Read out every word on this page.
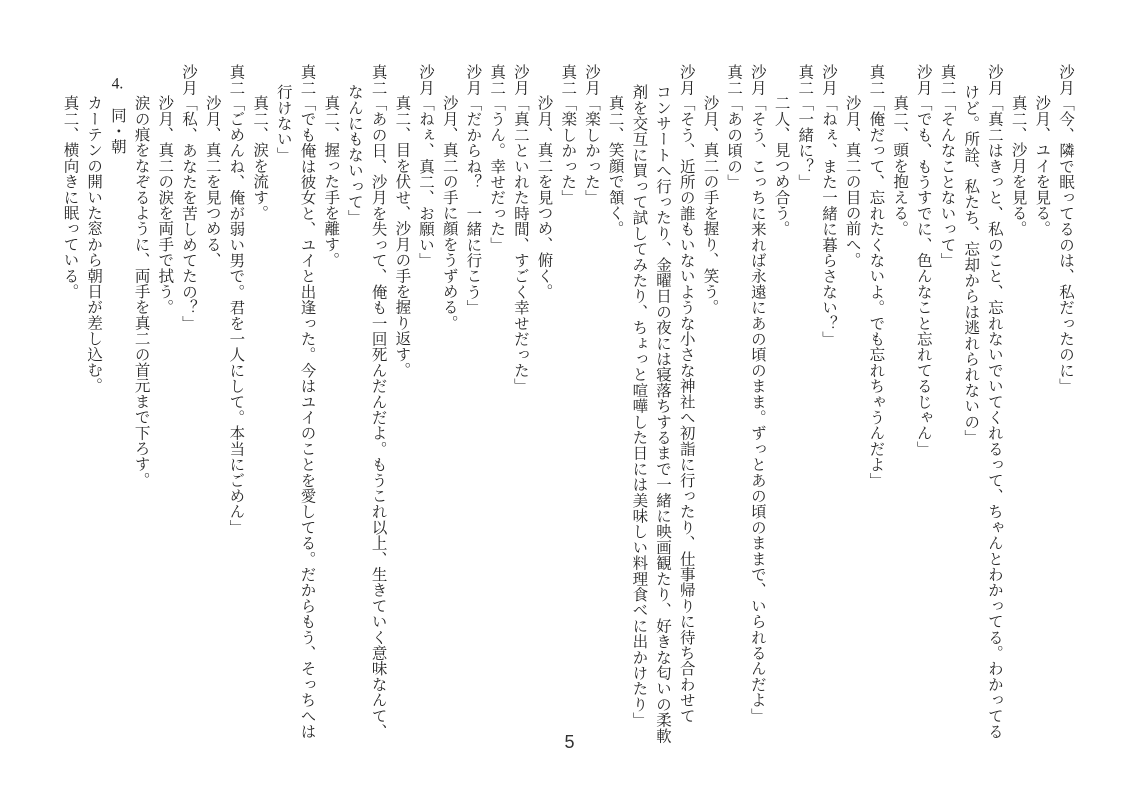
沙月「今、隣で眠ってるのは、私だったのに」

沙月、ユイを見る。

真二、沙月を見る。

沙月「真二はきっと、私のこと、忘れないでいてくれるって、ちゃんとわかってる。わかってる

けど。所詮、私たち、忘却からは逃れられないの」

真二「そんなことないって」

沙月「でも、もうすでに、色んなこと忘れてるじゃん」

真二、頭を抱える。

真二「俺だって、忘れたくないよ。でも忘れちゃうんだよ」

沙月、真二の目の前へ。

沙月「ねぇ、また一緒に暮らさない？」

真二「一緒に？」

二人、見つめ合う。

沙月「そう、こっちに来れば永遠にあの頃のまま。ずっとあの頃のままで、いられるんだよ」

真二「あの頃の」

沙月、真二の手を握り、笑う。

沙月「そう、近所の誰もいないような小さな神社へ初詣に行ったり、仕事帰りに待ち合わせて

コンサートへ行ったり、金曜日の夜には寝落ちするまで一緒に映画観たり、好きな匂いの柔軟

剤を交互に買って試してみたり、ちょっと喧嘩した日には美味しい料理食べに出かけたり」

真二、笑顔で頷く。

沙月「楽しかった」

真二「楽しかった」

沙月、真二を見つめ、俯く。

沙月「真二といれた時間、すごく幸せだった」

真二「うん。幸せだった」

沙月「だからね？　一緒に行こう」

沙月、真二の手に顔をうずめる。

沙月「ねぇ、真二、お願い」

真二、目を伏せ、沙月の手を握り返す。

真二「あの日、沙月を失って、俺も一回死んだんだよ。もうこれ以上、生きていく意味なんて、

なんにもないって」

真二、握った手を離す。

真二「でも俺は彼女と、ユイと出逢った。今はユイのことを愛してる。だからもう、そっちへは

行けない」

真二、涙を流す。

真二「ごめんね、俺が弱い男で。君を一人にして。本当にごめん」

沙月、真二を見つめる、

沙月「私、あなたを苦しめてたの？」

沙月、真二の涙を両手で拭う。

涙の痕をなぞるように、両手を真二の首元まで下ろす。

4.　同・朝

カーテンの開いた窓から朝日が差し込む。

真二、横向きに眠っている。

5
